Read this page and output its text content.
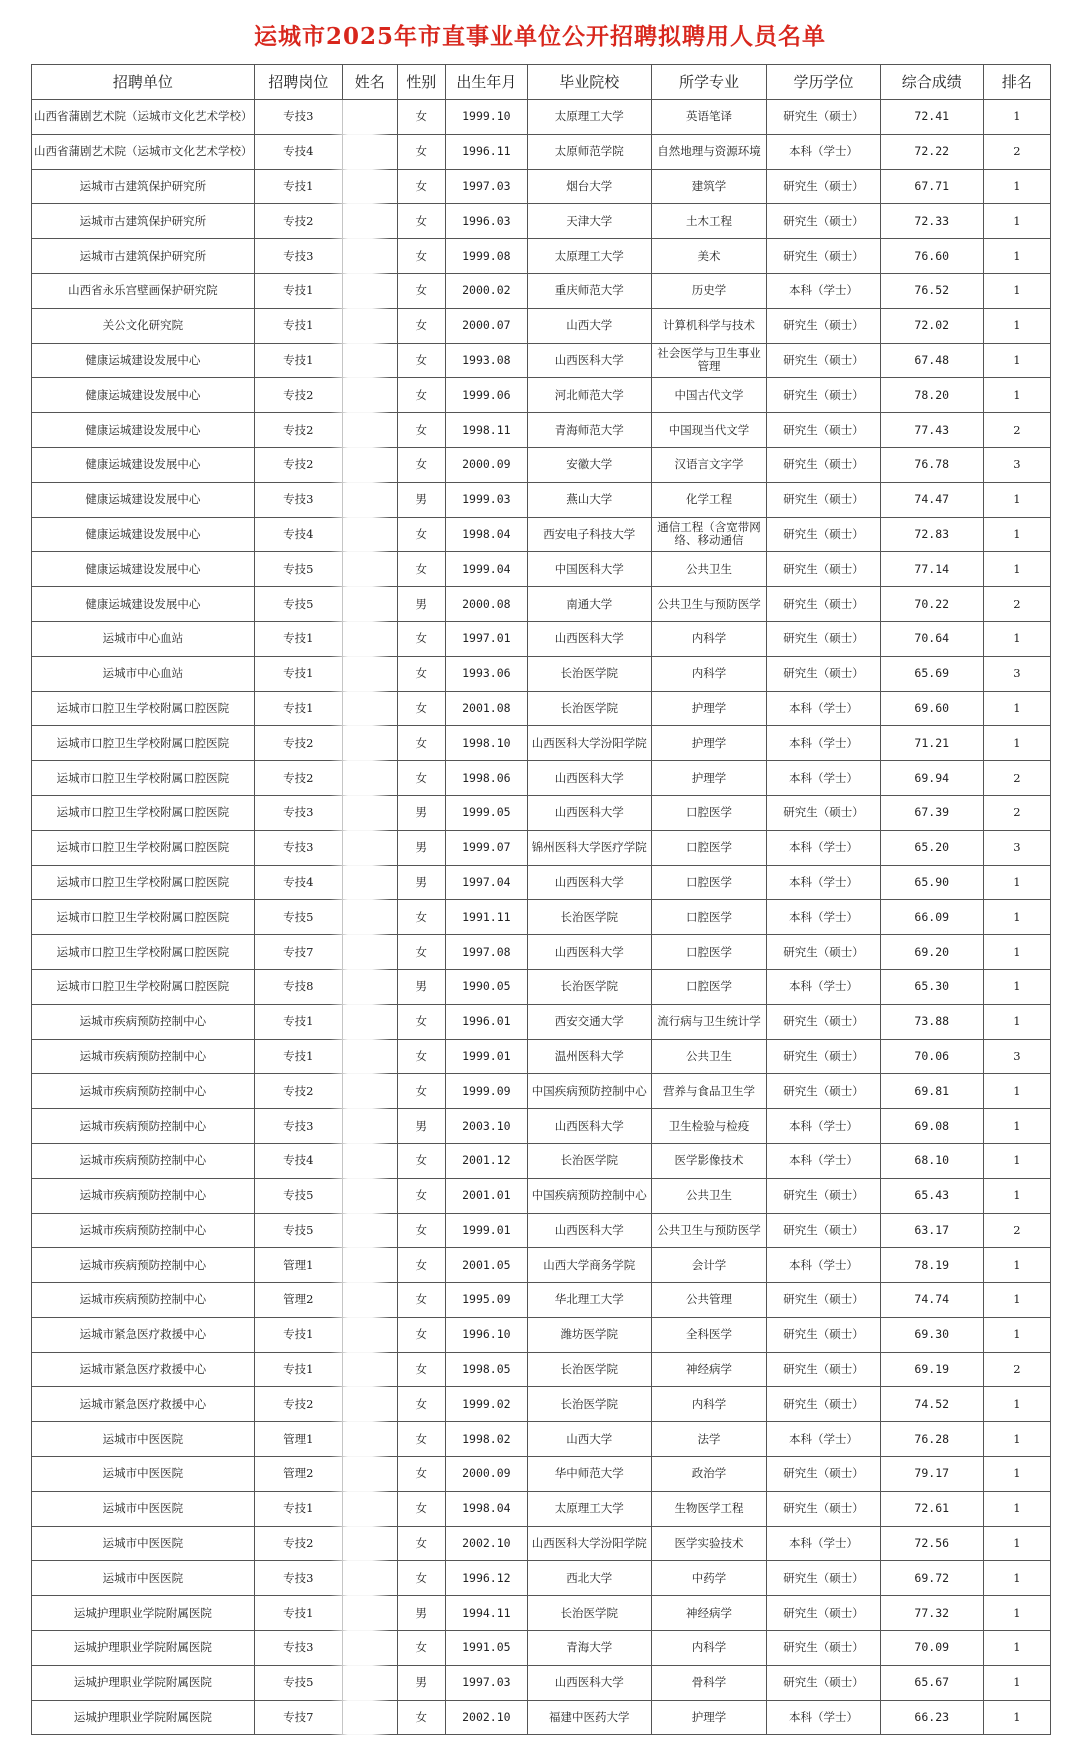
运城市2025年市直事业单位公开招聘拟聘用人员名单
招聘单位	招聘岗位	姓名	性别	出生年月	毕业院校	所学专业	学历学位	综合成绩	排名
山西省蒲剧艺术院（运城市文化艺术学校）	专技3		女	1999.10	太原理工大学	英语笔译	研究生（硕士）	72.41	1
山西省蒲剧艺术院（运城市文化艺术学校）	专技4		女	1996.11	太原师范学院	自然地理与资源环境	本科（学士）	72.22	2
运城市古建筑保护研究所	专技1		女	1997.03	烟台大学	建筑学	研究生（硕士）	67.71	1
运城市古建筑保护研究所	专技2		女	1996.03	天津大学	土木工程	研究生（硕士）	72.33	1
运城市古建筑保护研究所	专技3		女	1999.08	太原理工大学	美术	研究生（硕士）	76.60	1
山西省永乐宫壁画保护研究院	专技1		女	2000.02	重庆师范大学	历史学	本科（学士）	76.52	1
关公文化研究院	专技1		女	2000.07	山西大学	计算机科学与技术	研究生（硕士）	72.02	1
健康运城建设发展中心	专技1		女	1993.08	山西医科大学	社会医学与卫生事业管理	研究生（硕士）	67.48	1
健康运城建设发展中心	专技2		女	1999.06	河北师范大学	中国古代文学	研究生（硕士）	78.20	1
健康运城建设发展中心	专技2		女	1998.11	青海师范大学	中国现当代文学	研究生（硕士）	77.43	2
健康运城建设发展中心	专技2		女	2000.09	安徽大学	汉语言文字学	研究生（硕士）	76.78	3
健康运城建设发展中心	专技3		男	1999.03	燕山大学	化学工程	研究生（硕士）	74.47	1
健康运城建设发展中心	专技4		女	1998.04	西安电子科技大学	通信工程（含宽带网络、移动通信	研究生（硕士）	72.83	1
健康运城建设发展中心	专技5		女	1999.04	中国医科大学	公共卫生	研究生（硕士）	77.14	1
健康运城建设发展中心	专技5		男	2000.08	南通大学	公共卫生与预防医学	研究生（硕士）	70.22	2
运城市中心血站	专技1		女	1997.01	山西医科大学	内科学	研究生（硕士）	70.64	1
运城市中心血站	专技1		女	1993.06	长治医学院	内科学	研究生（硕士）	65.69	3
运城市口腔卫生学校附属口腔医院	专技1		女	2001.08	长治医学院	护理学	本科（学士）	69.60	1
运城市口腔卫生学校附属口腔医院	专技2		女	1998.10	山西医科大学汾阳学院	护理学	本科（学士）	71.21	1
运城市口腔卫生学校附属口腔医院	专技2		女	1998.06	山西医科大学	护理学	本科（学士）	69.94	2
运城市口腔卫生学校附属口腔医院	专技3		男	1999.05	山西医科大学	口腔医学	研究生（硕士）	67.39	2
运城市口腔卫生学校附属口腔医院	专技3		男	1999.07	锦州医科大学医疗学院	口腔医学	本科（学士）	65.20	3
运城市口腔卫生学校附属口腔医院	专技4		男	1997.04	山西医科大学	口腔医学	本科（学士）	65.90	1
运城市口腔卫生学校附属口腔医院	专技5		女	1991.11	长治医学院	口腔医学	本科（学士）	66.09	1
运城市口腔卫生学校附属口腔医院	专技7		女	1997.08	山西医科大学	口腔医学	研究生（硕士）	69.20	1
运城市口腔卫生学校附属口腔医院	专技8		男	1990.05	长治医学院	口腔医学	本科（学士）	65.30	1
运城市疾病预防控制中心	专技1		女	1996.01	西安交通大学	流行病与卫生统计学	研究生（硕士）	73.88	1
运城市疾病预防控制中心	专技1		女	1999.01	温州医科大学	公共卫生	研究生（硕士）	70.06	3
运城市疾病预防控制中心	专技2		女	1999.09	中国疾病预防控制中心	营养与食品卫生学	研究生（硕士）	69.81	1
运城市疾病预防控制中心	专技3		男	2003.10	山西医科大学	卫生检验与检疫	本科（学士）	69.08	1
运城市疾病预防控制中心	专技4		女	2001.12	长治医学院	医学影像技术	本科（学士）	68.10	1
运城市疾病预防控制中心	专技5		女	2001.01	中国疾病预防控制中心	公共卫生	研究生（硕士）	65.43	1
运城市疾病预防控制中心	专技5		女	1999.01	山西医科大学	公共卫生与预防医学	研究生（硕士）	63.17	2
运城市疾病预防控制中心	管理1		女	2001.05	山西大学商务学院	会计学	本科（学士）	78.19	1
运城市疾病预防控制中心	管理2		女	1995.09	华北理工大学	公共管理	研究生（硕士）	74.74	1
运城市紧急医疗救援中心	专技1		女	1996.10	潍坊医学院	全科医学	研究生（硕士）	69.30	1
运城市紧急医疗救援中心	专技1		女	1998.05	长治医学院	神经病学	研究生（硕士）	69.19	2
运城市紧急医疗救援中心	专技2		女	1999.02	长治医学院	内科学	研究生（硕士）	74.52	1
运城市中医医院	管理1		女	1998.02	山西大学	法学	本科（学士）	76.28	1
运城市中医医院	管理2		女	2000.09	华中师范大学	政治学	研究生（硕士）	79.17	1
运城市中医医院	专技1		女	1998.04	太原理工大学	生物医学工程	研究生（硕士）	72.61	1
运城市中医医院	专技2		女	2002.10	山西医科大学汾阳学院	医学实验技术	本科（学士）	72.56	1
运城市中医医院	专技3		女	1996.12	西北大学	中药学	研究生（硕士）	69.72	1
运城护理职业学院附属医院	专技1		男	1994.11	长治医学院	神经病学	研究生（硕士）	77.32	1
运城护理职业学院附属医院	专技3		女	1991.05	青海大学	内科学	研究生（硕士）	70.09	1
运城护理职业学院附属医院	专技5		男	1997.03	山西医科大学	骨科学	研究生（硕士）	65.67	1
运城护理职业学院附属医院	专技7		女	2002.10	福建中医药大学	护理学	本科（学士）	66.23	1
